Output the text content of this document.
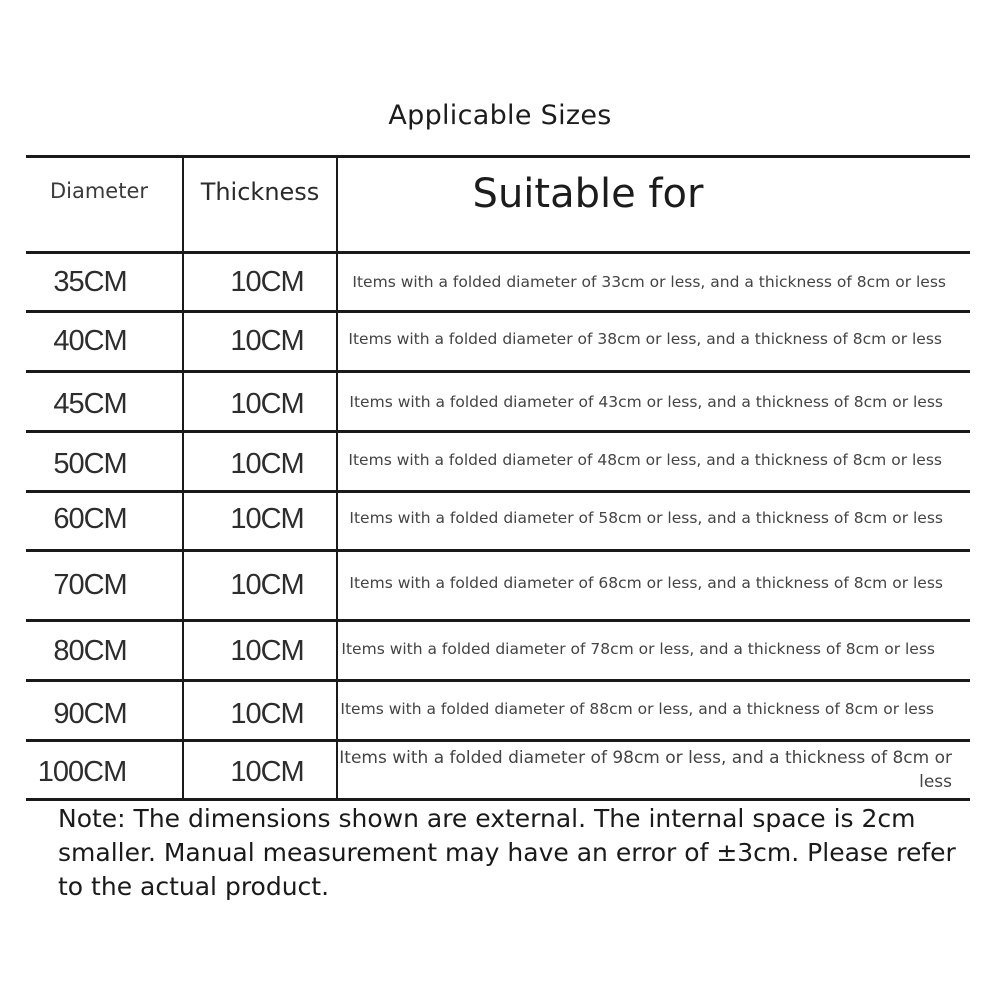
Applicable Sizes
Diameter	Thickness	Suitable for
35CM	10CM	Items with a folded diameter of 33cm or less, and a thickness of 8cm or less
40CM	10CM	Items with a folded diameter of 38cm or less, and a thickness of 8cm or less
45CM	10CM	Items with a folded diameter of 43cm or less, and a thickness of 8cm or less
50CM	10CM	Items with a folded diameter of 48cm or less, and a thickness of 8cm or less
60CM	10CM	Items with a folded diameter of 58cm or less, and a thickness of 8cm or less
70CM	10CM	Items with a folded diameter of 68cm or less, and a thickness of 8cm or less
80CM	10CM	Items with a folded diameter of 78cm or less, and a thickness of 8cm or less
90CM	10CM	Items with a folded diameter of 88cm or less, and a thickness of 8cm or less
100CM	10CM	Items with a folded diameter of 98cm or less, and a thickness of 8cm or less
Note: The dimensions shown are external. The internal space is 2cm smaller. Manual measurement may have an error of ±3cm. Please refer to the actual product.
